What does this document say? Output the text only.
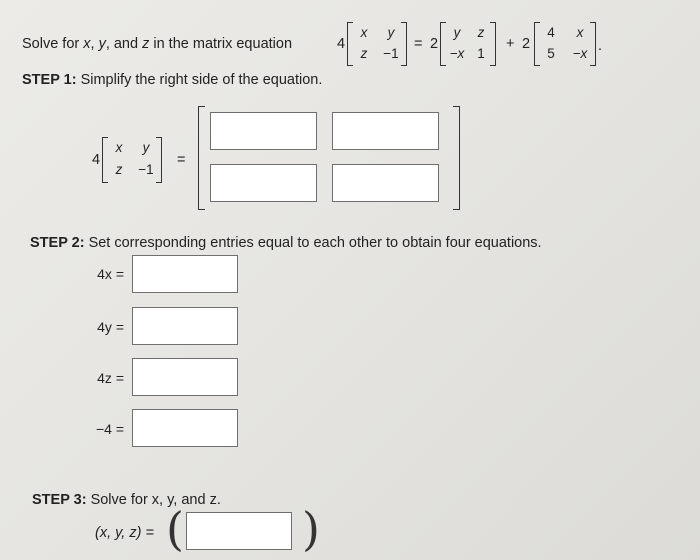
Solve for x, y, and z in the matrix equation	4
x	y
z	−1
= 2
y	z
−x 1
+ 2
4	x
5	−x .
STEP 1: Simplify the right side of the equation.
4
x	y
z	−1
=
STEP 2: Set corresponding entries equal to each other to obtain four equations.
4x =
4y =
4z =
−4 =
STEP 3: Solve for x, y, and z.
(x, y, z) = (	)
